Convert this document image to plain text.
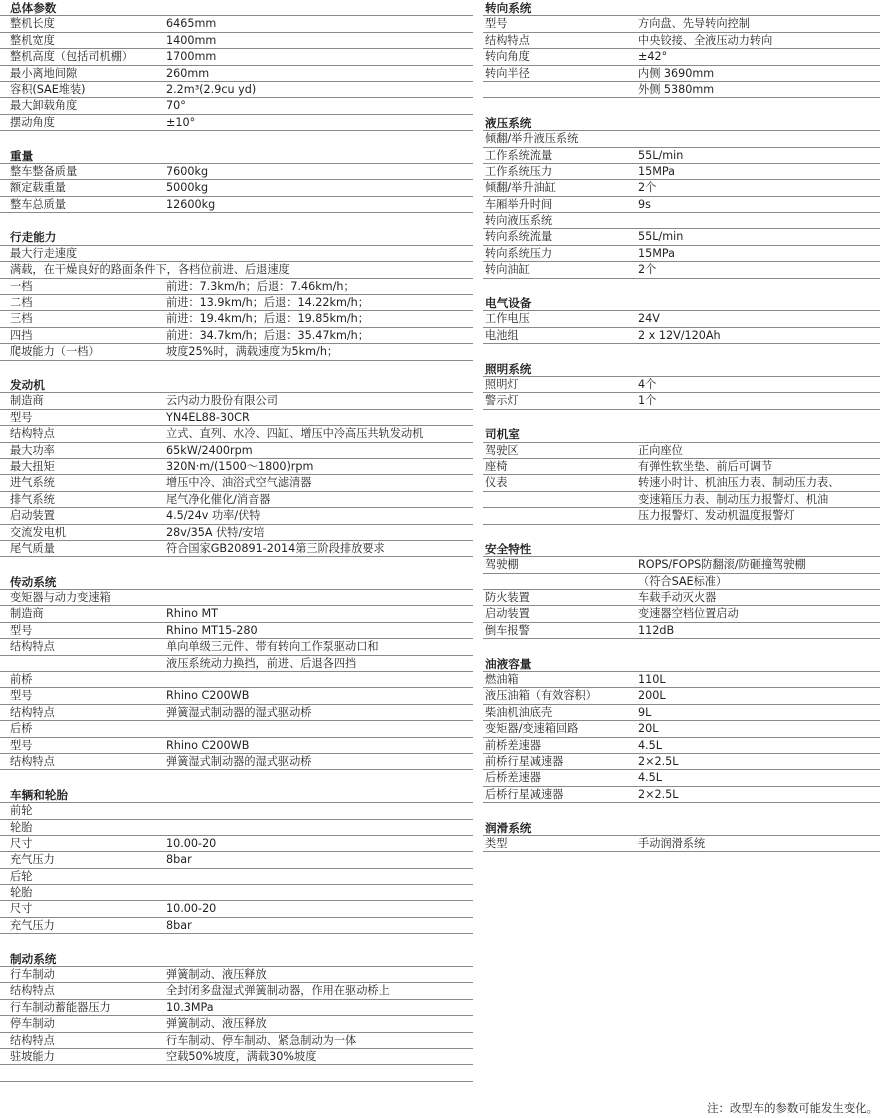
总体参数
整机长度	6465mm
整机宽度	1400mm
整机高度（包括司机棚）	1700mm
最小离地间隙	260mm
容积(SAE堆装)	2.2m³(2.9cu yd)
最大卸载角度	70°
摆动角度	±10°
重量
整车整备质量	7600kg
额定载重量	5000kg
整车总质量	12600kg
行走能力
最大行走速度
满载，在干燥良好的路面条件下，各档位前进、后退速度
一档	前进：7.3km/h；后退：7.46km/h；
二档	前进：13.9km/h；后退：14.22km/h；
三档	前进：19.4km/h；后退：19.85km/h；
四挡	前进：34.7km/h；后退：35.47km/h；
爬坡能力（一档）	坡度25%时，满载速度为5km/h；
发动机
制造商	云内动力股份有限公司
型号	YN4EL88-30CR
结构特点	立式、直列、水冷、四缸、增压中冷高压共轨发动机
最大功率	65kW/2400rpm
最大扭矩	320N·m/(1500～1800)rpm
进气系统	增压中冷、油浴式空气滤清器
排气系统	尾气净化催化/消音器
启动装置	4.5/24v 功率/伏特
交流发电机	28v/35A 伏特/安培
尾气质量	符合国家GB20891-2014第三阶段排放要求
传动系统
变矩器与动力变速箱
制造商	Rhino MT
型号	Rhino MT15-280
结构特点	单向单级三元件、带有转向工作泵驱动口和
液压系统动力换挡，前进、后退各四挡
前桥
型号	Rhino C200WB
结构特点	弹簧湿式制动器的湿式驱动桥
后桥
型号	Rhino C200WB
结构特点	弹簧湿式制动器的湿式驱动桥
车辆和轮胎
前轮
轮胎
尺寸	10.00-20
充气压力	8bar
后轮
轮胎
尺寸	10.00-20
充气压力	8bar
制动系统
行车制动	弹簧制动、液压释放
结构特点	全封闭多盘湿式弹簧制动器，作用在驱动桥上
行车制动蓄能器压力	10.3MPa
停车制动	弹簧制动、液压释放
结构特点	行车制动、停车制动、紧急制动为一体
驻坡能力	空载50%坡度，满载30%坡度
转向系统
型号	方向盘、先导转向控制
结构特点	中央铰接、全液压动力转向
转向角度	±42°
转向半径	内侧 3690mm
外侧 5380mm
液压系统
倾翻/举升液压系统
工作系统流量	55L/min
工作系统压力	15MPa
倾翻/举升油缸	2个
车厢举升时间	9s
转向液压系统
转向系统流量	55L/min
转向系统压力	15MPa
转向油缸	2个
电气设备
工作电压	24V
电池组	2 x 12V/120Ah
照明系统
照明灯	4个
警示灯	1个
司机室
驾驶区	正向座位
座椅	有弹性软坐垫、前后可调节
仪表	转速小时计、机油压力表、制动压力表、
变速箱压力表、制动压力报警灯、机油
压力报警灯、发动机温度报警灯
安全特性
驾驶棚	ROPS/FOPS防翻滚/防砸撞驾驶棚
（符合SAE标准）
防火装置	车载手动灭火器
启动装置	变速器空档位置启动
倒车报警	112dB
油液容量
燃油箱	110L
液压油箱（有效容积）	200L
柴油机油底壳	9L
变矩器/变速箱回路	20L
前桥差速器	4.5L
前桥行星减速器	2×2.5L
后桥差速器	4.5L
后桥行星减速器	2×2.5L
润滑系统
类型	手动润滑系统
注：改型车的参数可能发生变化。
